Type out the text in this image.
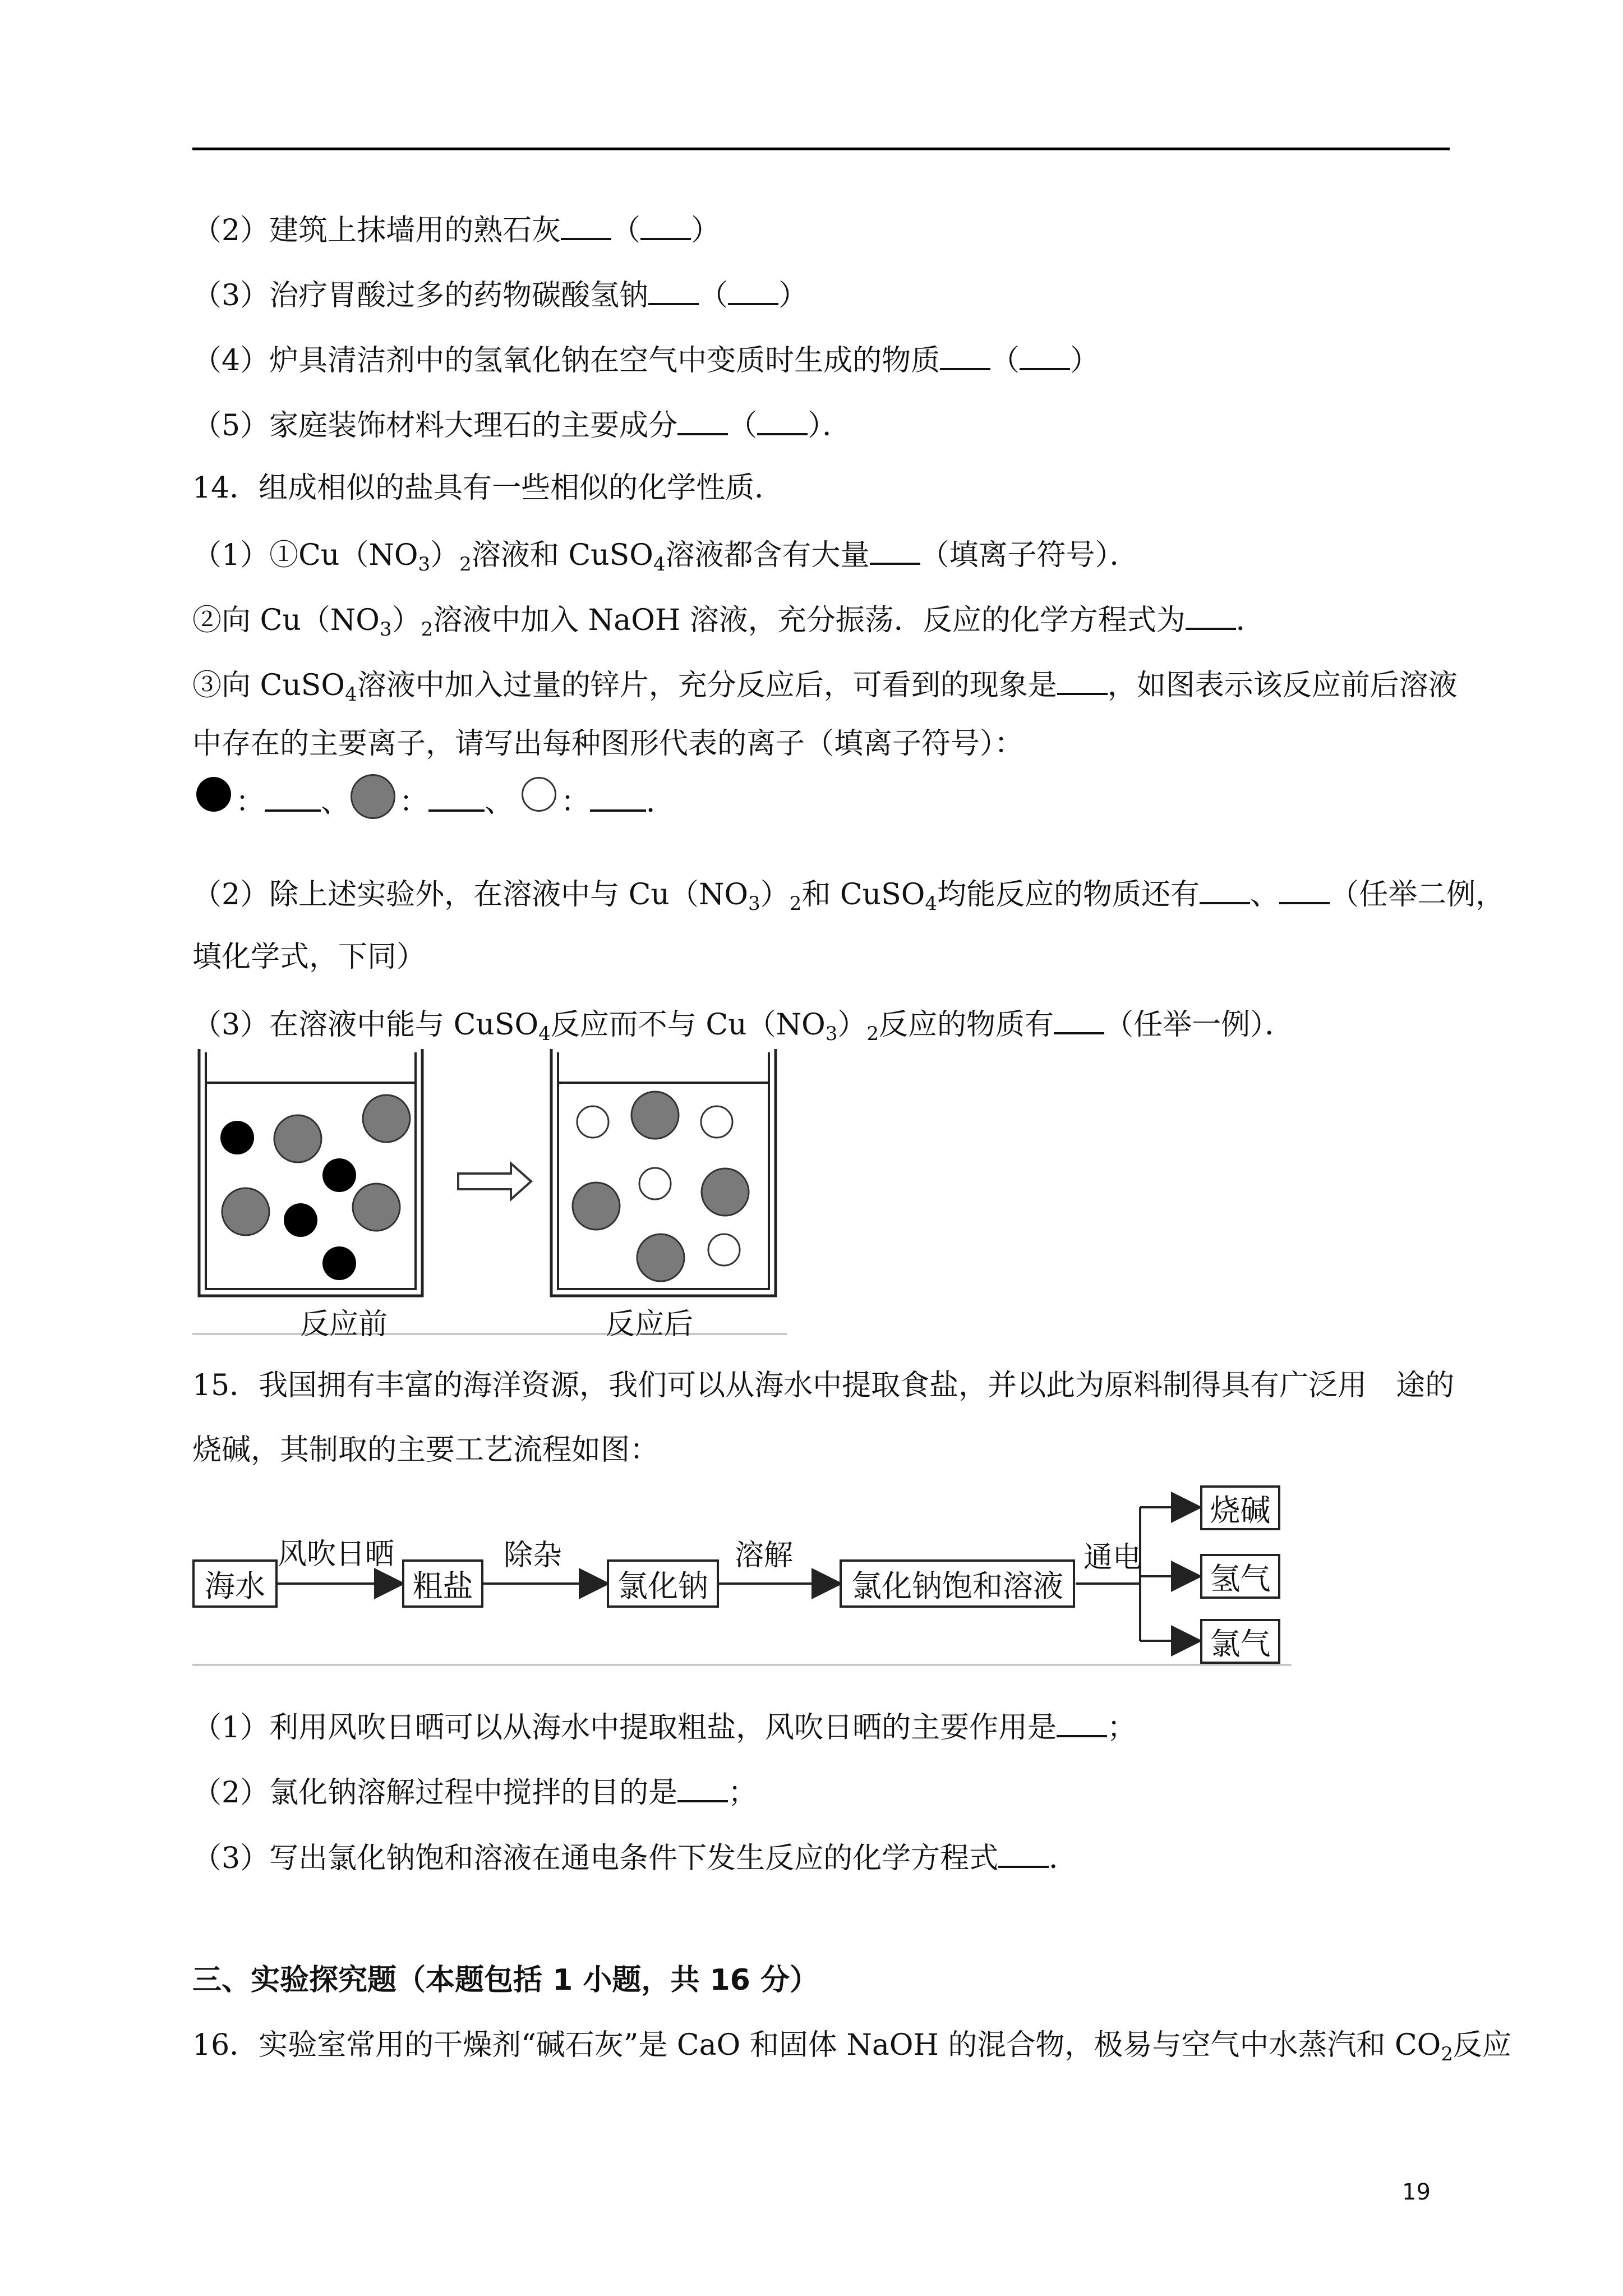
（2）建筑上抹墙用的熟石灰 （ ）
（3）治疗胃酸过多的药物碳酸氢钠 （ ）
（4）炉具清洁剂中的氢氧化钠在空气中变质时生成的物质 （ ）
（5）家庭装饰材料大理石的主要成分 （ ）．
14．组成相似的盐具有一些相似的化学性质．
$(1)①Cu(NO_3)_2$溶液和 CuSO$_4$溶液都含有大量 （填离子符号）．
②向 $Cu(NO_3)_2$溶液中加入 NaOH 溶液，充分振荡．反应的化学方程式为 ．
③向 CuSO$_4$溶液中加入过量的锌片，充分反应后，可看到的现象是 ，如图表示该反应前后溶液
中存在的主要离子，请写出每种图形代表的离子（填离子符号）：
： 、 ： 、 ： ．
（2）除上述实验外，在溶液中与 $Cu(NO_3)_2$和 CuSO$_4$均能反应的物质还有 、 （任举二例，
填化学式，下同）
（3）在溶液中能与 CuSO$_4$反应而不与 $Cu(NO_3)_2$反应的物质有 （任举一例）．
反应前	反应后
15．我国拥有丰富的海洋资源，我们可以从海水中提取食盐，并以此为原料制得具有广泛用　途的
烧碱，其制取的主要工艺流程如图：
海水
风吹日晒
粗盐
除杂
氯化钠
溶解
氯化钠饱和溶液
通电
烧碱
氢气
氯气
（1）利用风吹日晒可以从海水中提取粗盐，风吹日晒的主要作用是 ；
（2）氯化钠溶解过程中搅拌的目的是 ；
（3）写出氯化钠饱和溶液在通电条件下发生反应的化学方程式 ．
三、实验探究题（本题包括 1 小题，共 16 分）
16．实验室常用的干燥剂“碱石灰”是 CaO 和固体 NaOH 的混合物，极易与空气中水蒸汽和 $CO_2$反应
19
